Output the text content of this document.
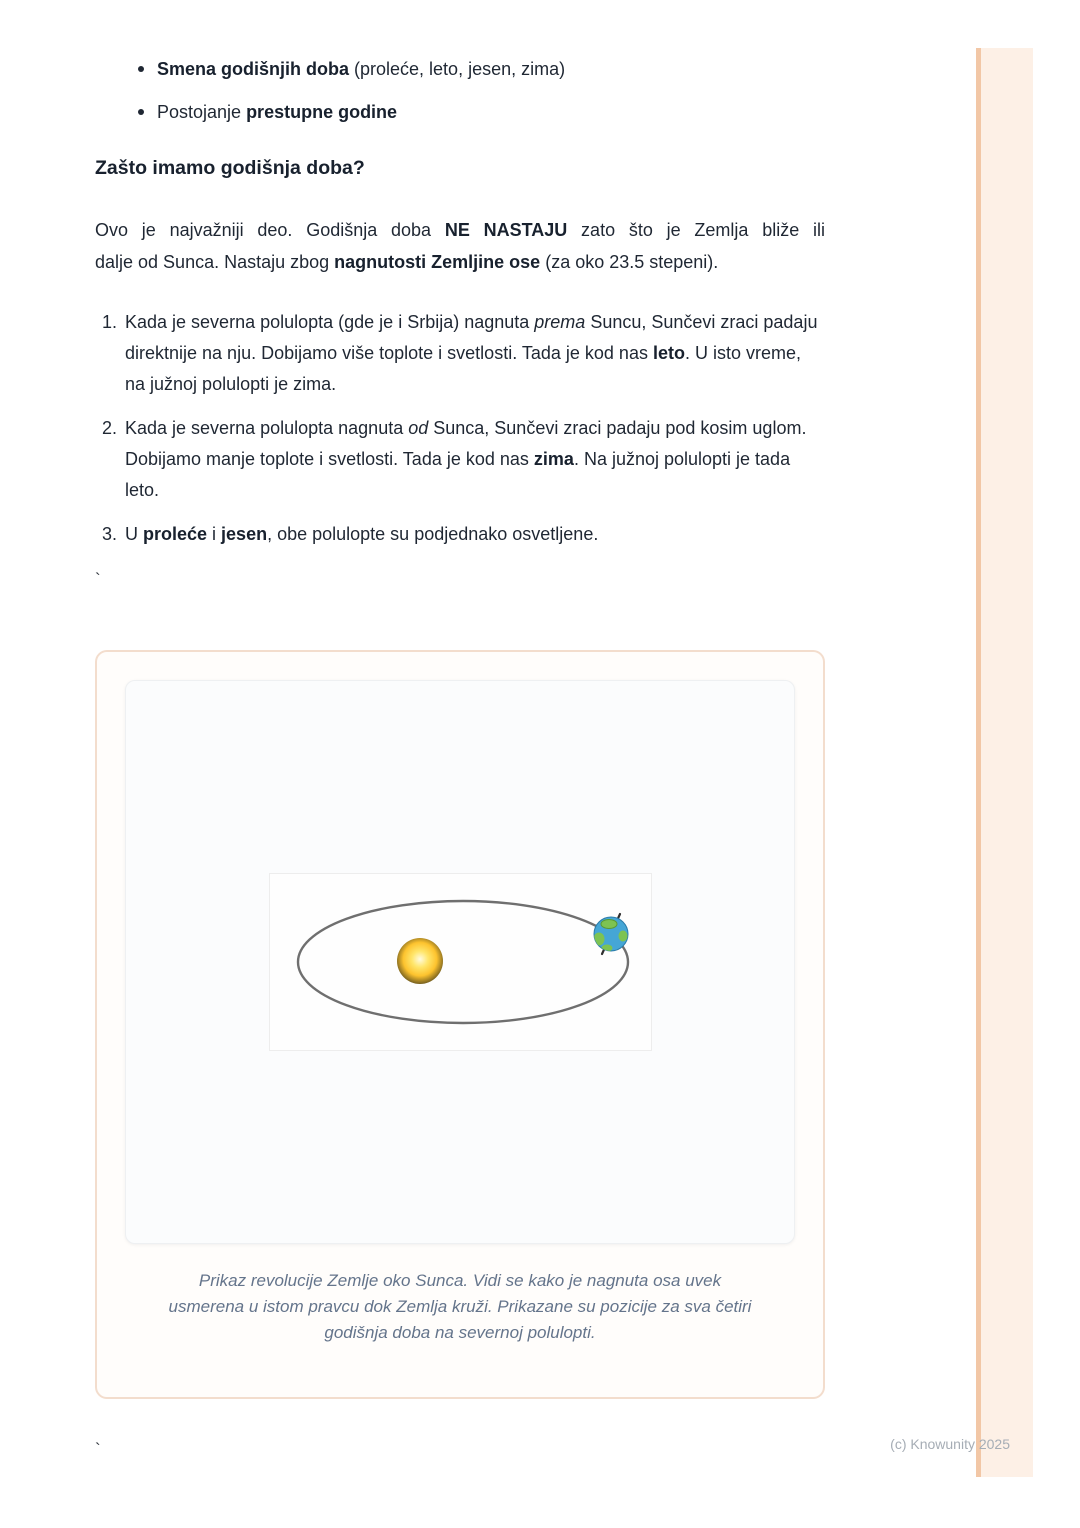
Smena godišnjih doba (proleće, leto, jesen, zima)
Postojanje prestupne godine
Zašto imamo godišnja doba?

Ovo je najvažniji deo. Godišnja doba NE NASTAJU zato što je Zemlja bliže ili
dalje od Sunca. Nastaju zbog nagnutosti Zemljine ose (za oko 23.5 stepeni).

1. Kada je severna polulopta (gde je i Srbija) nagnuta prema Suncu, Sunčevi zraci padaju direktnije na nju. Dobijamo više toplote i svetlosti. Tada je kod nas leto. U isto vreme, na južnoj polulopti je zima.
2. Kada je severna polulopta nagnuta od Sunca, Sunčevi zraci padaju pod kosim uglom. Dobijamo manje toplote i svetlosti. Tada je kod nas zima. Na južnoj polulopti je tada leto.
3. U proleće i jesen, obe polulopte su podjednako osvetljene.
`
Prikaz revolucije Zemlje oko Sunca. Vidi se kako je nagnuta osa uvek
usmerena u istom pravcu dok Zemlja kruži. Prikazane su pozicije za sva četiri
godišnja doba na severnoj polulopti.
`	(c) Knowunity 2025
